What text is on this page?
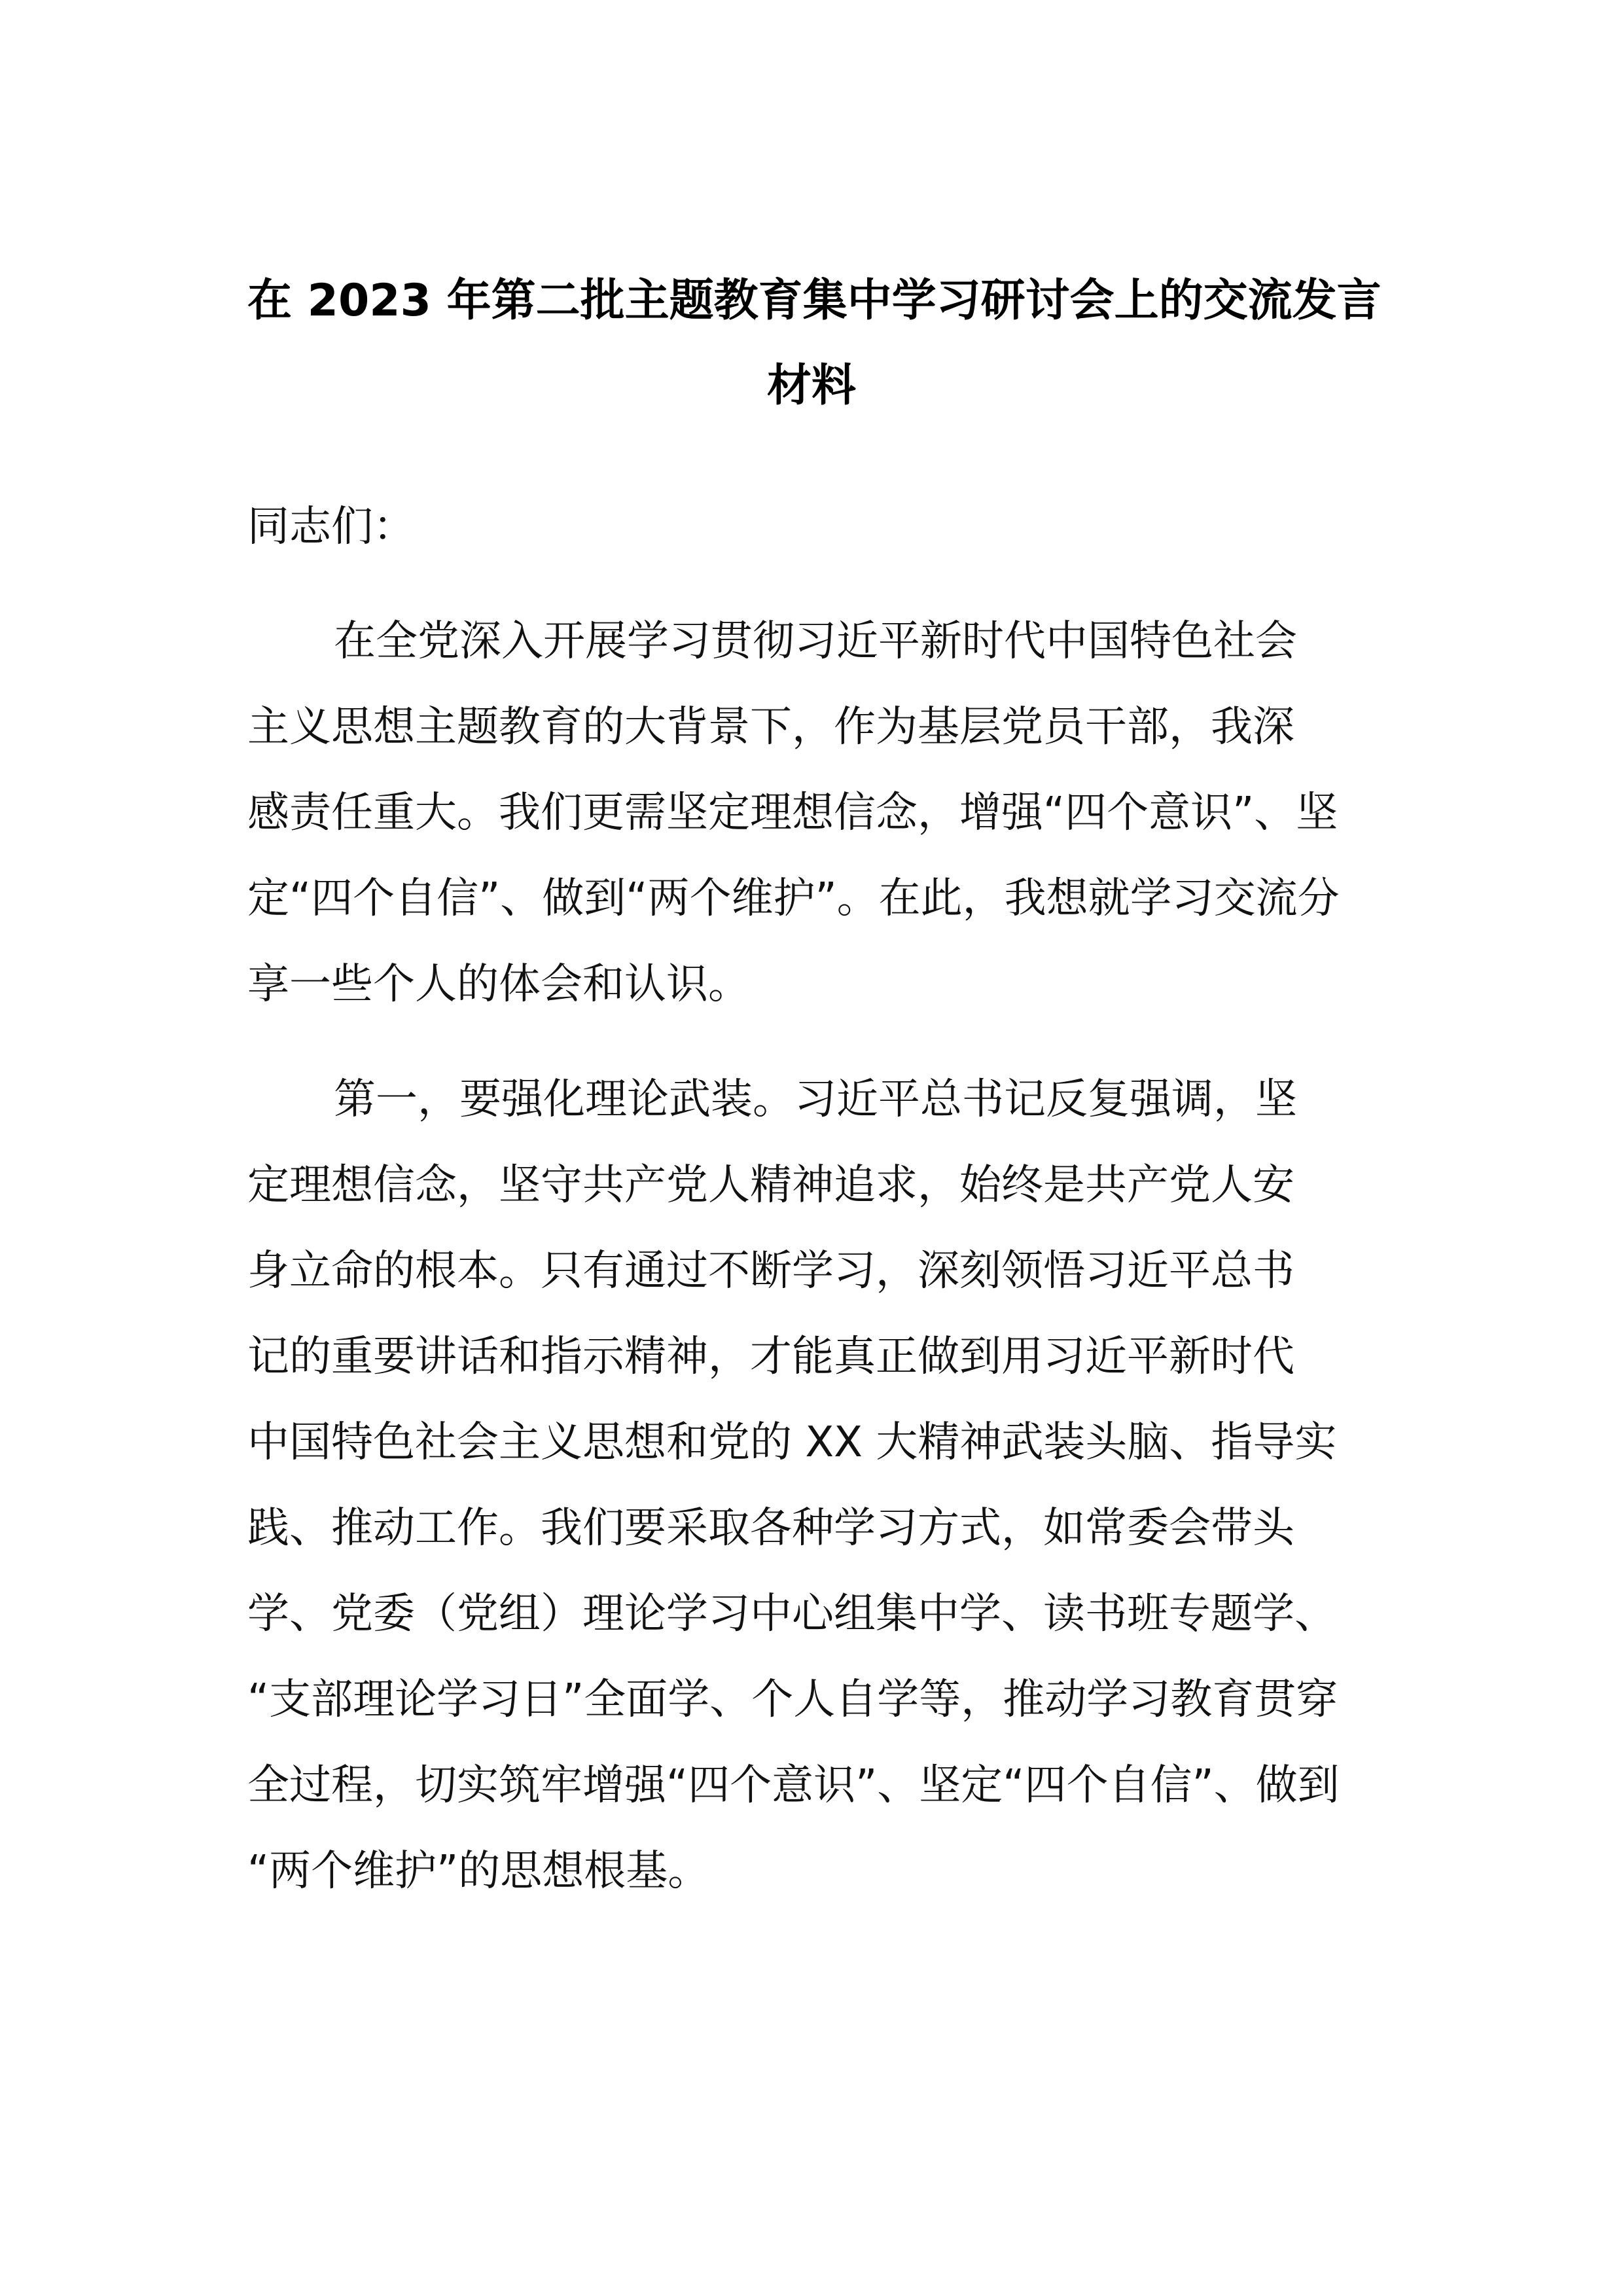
在 2023 年第二批主题教育集中学习研讨会上的交流发言
材料
同志们：
在全党深入开展学习贯彻习近平新时代中国特色社会
主义思想主题教育的大背景下，作为基层党员干部，我深
感责任重大。我们更需坚定理想信念，增强“四个意识”、坚
定“四个自信”、做到“两个维护”。在此，我想就学习交流分
享一些个人的体会和认识。
第一，要强化理论武装。习近平总书记反复强调，坚
定理想信念，坚守共产党人精神追求，始终是共产党人安
身立命的根本。只有通过不断学习，深刻领悟习近平总书
记的重要讲话和指示精神，才能真正做到用习近平新时代
中国特色社会主义思想和党的 XX 大精神武装头脑、指导实
践、推动工作。我们要采取各种学习方式，如常委会带头
学、党委（党组）理论学习中心组集中学、读书班专题学、
“支部理论学习日”全面学、个人自学等，推动学习教育贯穿
全过程，切实筑牢增强“四个意识”、坚定“四个自信”、做到
“两个维护”的思想根基。
